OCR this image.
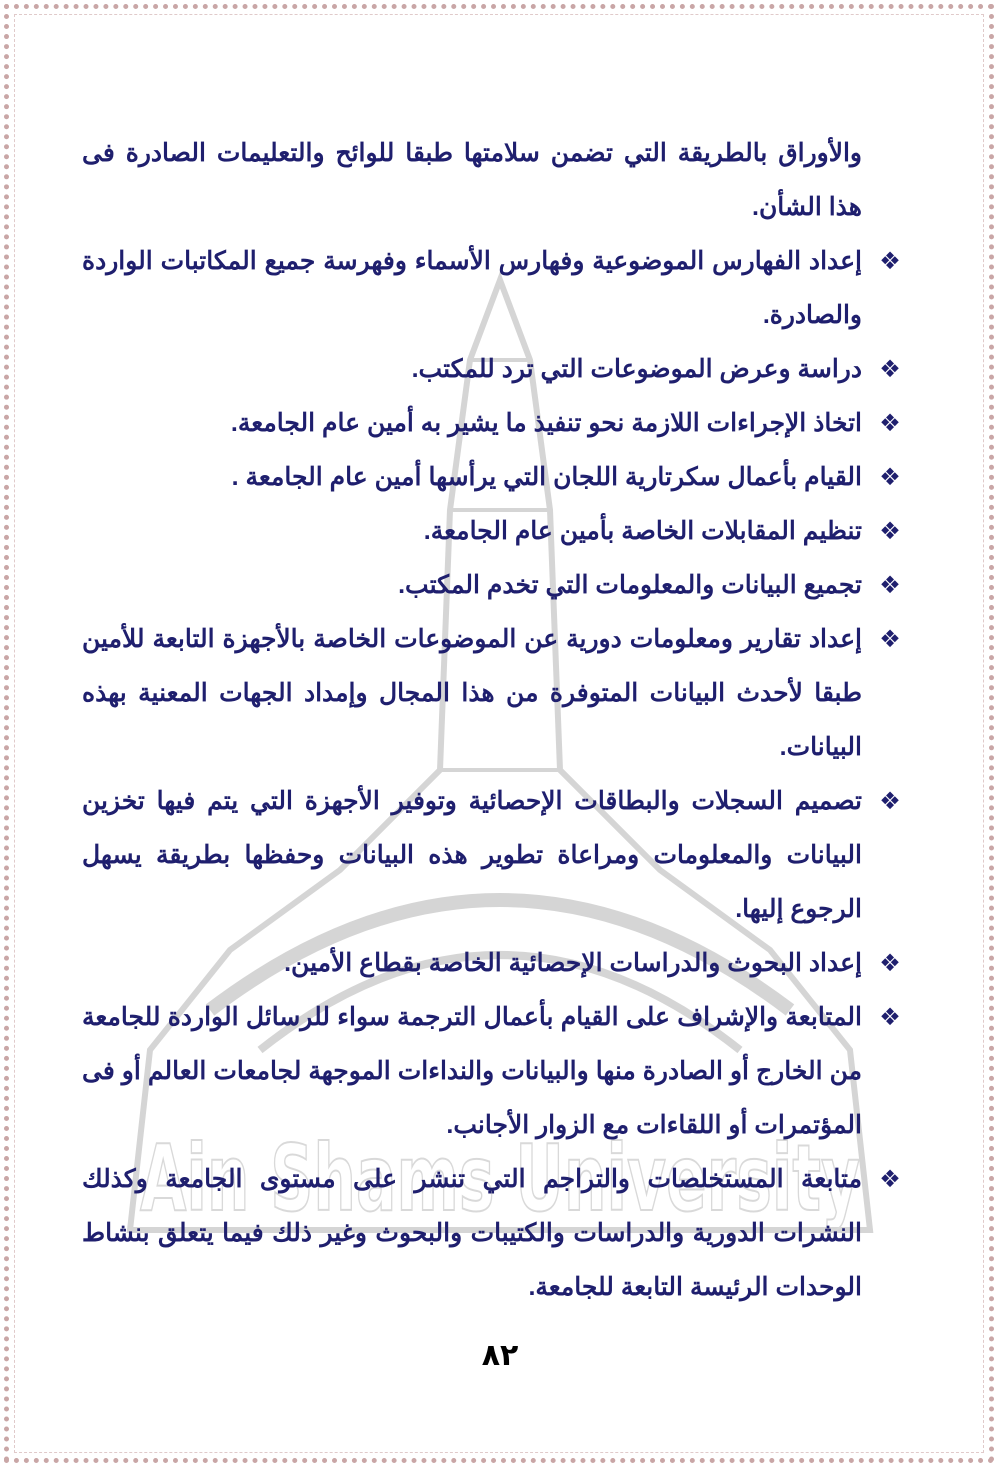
Ain Shams University

والأوراق بالطريقة التي تضمن سلامتها طبقا للوائح والتعليمات الصادرة فى هذا الشأن.

❖
إعداد الفهارس الموضوعية وفهارس الأسماء وفهرسة جميع المكاتبات الواردة والصادرة.
❖
دراسة وعرض الموضوعات التي ترد للمكتب.
❖
اتخاذ الإجراءات اللازمة نحو تنفيذ ما يشير به أمين عام الجامعة.
❖
القيام بأعمال سكرتارية اللجان التي يرأسها أمين عام الجامعة .
❖
تنظيم المقابلات الخاصة بأمين عام الجامعة.
❖
تجميع البيانات والمعلومات التي تخدم المكتب.
❖
إعداد تقارير ومعلومات دورية عن الموضوعات الخاصة بالأجهزة التابعة للأمين طبقا لأحدث البيانات المتوفرة من هذا المجال وإمداد الجهات المعنية بهذه البيانات.
❖
تصميم السجلات والبطاقات الإحصائية وتوفير الأجهزة التي يتم فيها تخزين البيانات والمعلومات ومراعاة تطوير هذه البيانات وحفظها بطريقة يسهل الرجوع إليها.
❖
إعداد البحوث والدراسات الإحصائية الخاصة بقطاع الأمين.
❖
المتابعة والإشراف على القيام بأعمال الترجمة سواء للرسائل الواردة للجامعة من الخارج أو الصادرة منها والبيانات والنداءات الموجهة لجامعات العالم أو فى المؤتمرات أو اللقاءات مع الزوار الأجانب.
❖
متابعة المستخلصات والتراجم التي تنشر على مستوى الجامعة وكذلك النشرات الدورية والدراسات والكتيبات والبحوث وغير ذلك فيما يتعلق بنشاط الوحدات الرئيسة التابعة للجامعة.
٨٢
